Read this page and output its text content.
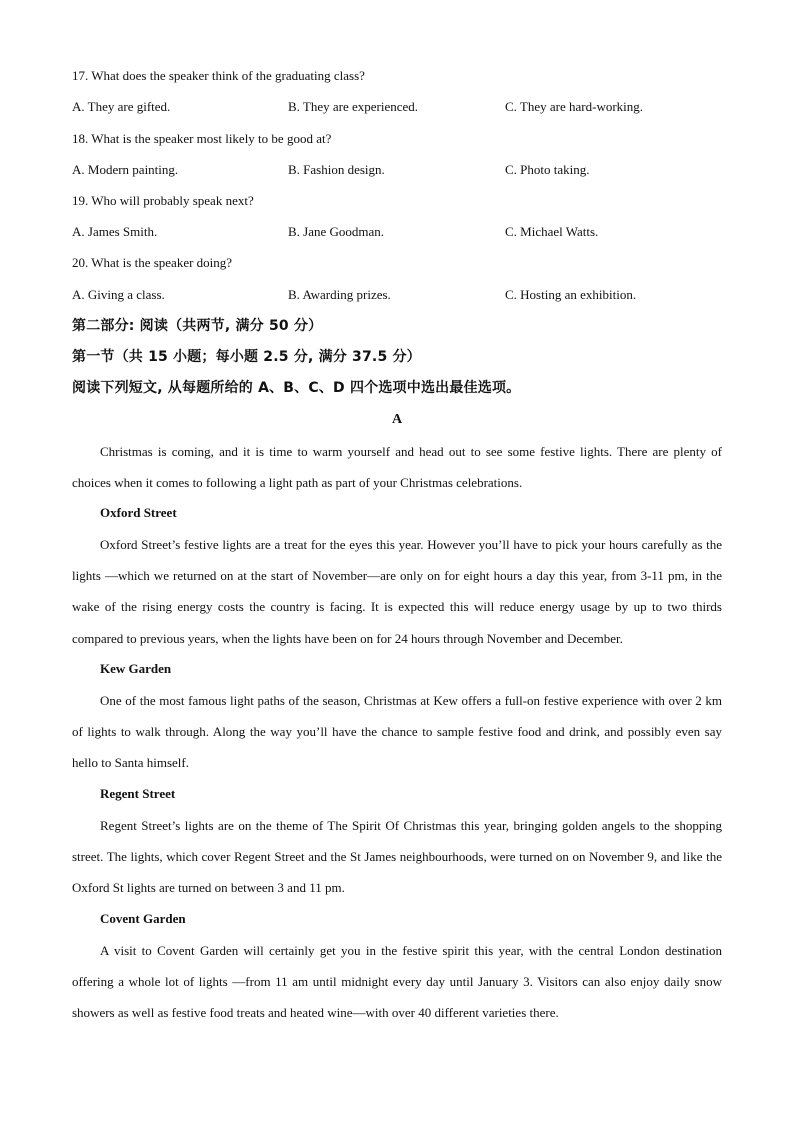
17. What does the speaker think of the graduating class?
A. They are gifted.	B. They are experienced.	C. They are hard-working.
18. What is the speaker most likely to be good at?
A. Modern painting.	B. Fashion design.	C. Photo taking.
19. Who will probably speak next?
A. James Smith.	B. Jane Goodman.	C. Michael Watts.
20. What is the speaker doing?
A. Giving a class.	B. Awarding prizes.	C. Hosting an exhibition.
第二部分: 阅读（共两节, 满分 50 分）
第一节（共 15 小题；每小题 2.5 分, 满分 37.5 分）
阅读下列短文, 从每题所给的 A、B、C、D 四个选项中选出最佳选项。
A

Christmas is coming, and it is time to warm yourself and head out to see some festive lights. There are plenty of choices when it comes to following a light path as part of your Christmas celebrations.

Oxford Street

Oxford Street’s festive lights are a treat for the eyes this year. However you’ll have to pick your hours carefully as the lights —which we returned on at the start of November—are only on for eight hours a day this year, from 3-11 pm, in the wake of the rising energy costs the country is facing. It is expected this will reduce energy usage by up to two thirds compared to previous years, when the lights have been on for 24 hours through November and December.

Kew Garden

One of the most famous light paths of the season, Christmas at Kew offers a full-on festive experience with over 2 km of lights to walk through. Along the way you’ll have the chance to sample festive food and drink, and possibly even say hello to Santa himself.

Regent Street

Regent Street’s lights are on the theme of The Spirit Of Christmas this year, bringing golden angels to the shopping street. The lights, which cover Regent Street and the St James neighbourhoods, were turned on on November 9, and like the Oxford St lights are turned on between 3 and 11 pm.

Covent Garden

A visit to Covent Garden will certainly get you in the festive spirit this year, with the central London destination offering a whole lot of lights —from 11 am until midnight every day until January 3. Visitors can also enjoy daily snow showers as well as festive food treats and heated wine—with over 40 different varieties there.
